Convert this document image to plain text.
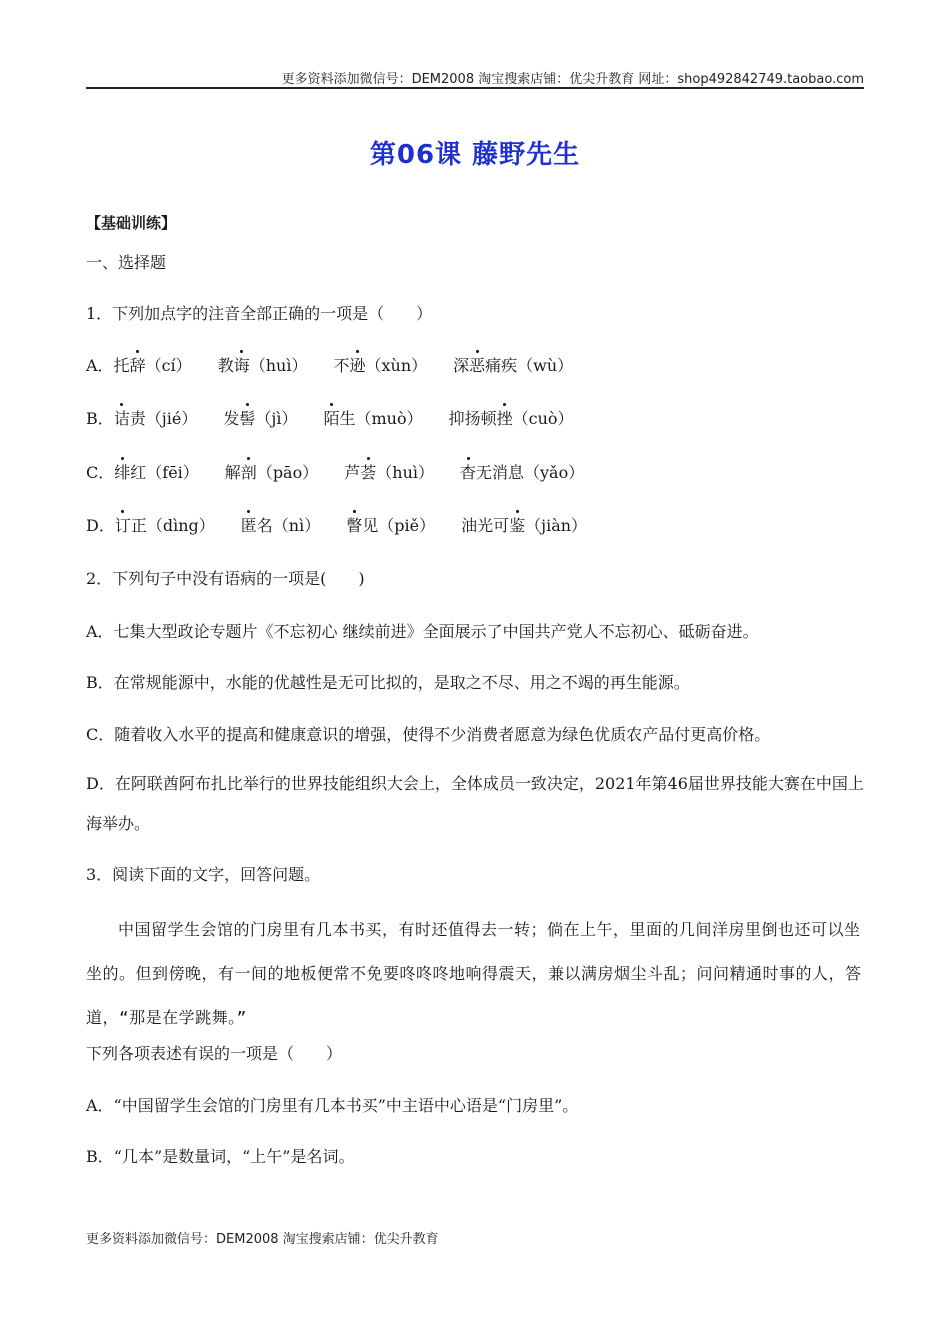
更多资料添加微信号：DEM2008 淘宝搜索店铺：优尖升教育 网址：shop492842749.taobao.com
第06课 藤野先生
【基础训练】
一、选择题
1．下列加点字的注音全部正确的一项是（　　）
A．托辞（cí） 教诲（huì） 不逊（xùn） 深恶痛疾（wù）
B．诘责（jié） 发髻（jì） 陌生（muò） 抑扬顿挫（cuò）
C．绯红（fēi） 解剖（pāo） 芦荟（huì） 杳无消息（yǎo）
D．订正（dìng） 匿名（nì） 瞥见（piě） 油光可鉴（jiàn）
2．下列句子中没有语病的一项是(　　)
A．七集大型政论专题片《不忘初心 继续前进》全面展示了中国共产党人不忘初心、砥砺奋进。
B．在常规能源中，水能的优越性是无可比拟的，是取之不尽、用之不竭的再生能源。
C．随着收入水平的提高和健康意识的增强，使得不少消费者愿意为绿色优质农产品付更高价格。
D．在阿联酋阿布扎比举行的世界技能组织大会上，全体成员一致决定，2021年第46届世界技能大赛在中国上海举办。
3．阅读下面的文字，回答问题。
中国留学生会馆的门房里有几本书买，有时还值得去一转；倘在上午，里面的几间洋房里倒也还可以坐坐的。但到傍晚，有一间的地板便常不免要咚咚咚地响得震天，兼以满房烟尘斗乱；问问精通时事的人，答道，“那是在学跳舞。”
下列各项表述有误的一项是（　　）
A．“中国留学生会馆的门房里有几本书买”中主语中心语是“门房里”。
B．“几本”是数量词，“上午”是名词。
更多资料添加微信号：DEM2008 淘宝搜索店铺：优尖升教育
